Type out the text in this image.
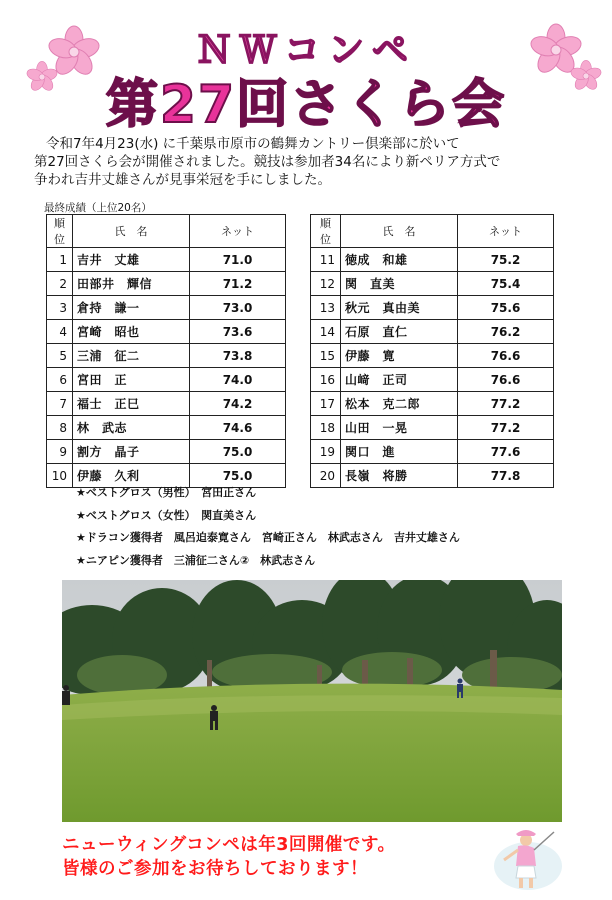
ＮＷコンペ
第27回さくら会
令和7年4月23(水) に千葉県市原市の鶴舞カントリー倶楽部に於いて
第27回さくら会が開催されました。競技は参加者34名により新ペリア方式で
争われ吉井丈雄さんが見事栄冠を手にしました。
最終成績（上位20名）
順位	氏　名	ネット
1	吉井　丈雄	71.0
2	田部井　輝信	71.2
3	倉持　謙一	73.0
4	宮崎　昭也	73.6
5	三浦　征二	73.8
6	宮田　正	74.0
7	福士　正巳	74.2
8	林　武志	74.6
9	割方　晶子	75.0
10	伊藤　久利	75.0
順位	氏　名	ネット
11	徳成　和雄	75.2
12	関　直美	75.4
13	秋元　真由美	75.6
14	石原　直仁	76.2
15	伊藤　寛	76.6
16	山﨑　正司	76.6
17	松本　克二郎	77.2
18	山田　一晃	77.2
19	関口　進	77.6
20	長嶺　将勝	77.8
★ベストグロス（男性）　宮田正さん
★ベストグロス（女性）　関直美さん
★ドラコン獲得者　風呂迫泰寛さん　宮崎正さん　林武志さん　吉井丈雄さん
★ニアピン獲得者　三浦征二さん②　林武志さん
ニューウィングコンペは年3回開催です。
皆様のご参加をお待ちしております！
